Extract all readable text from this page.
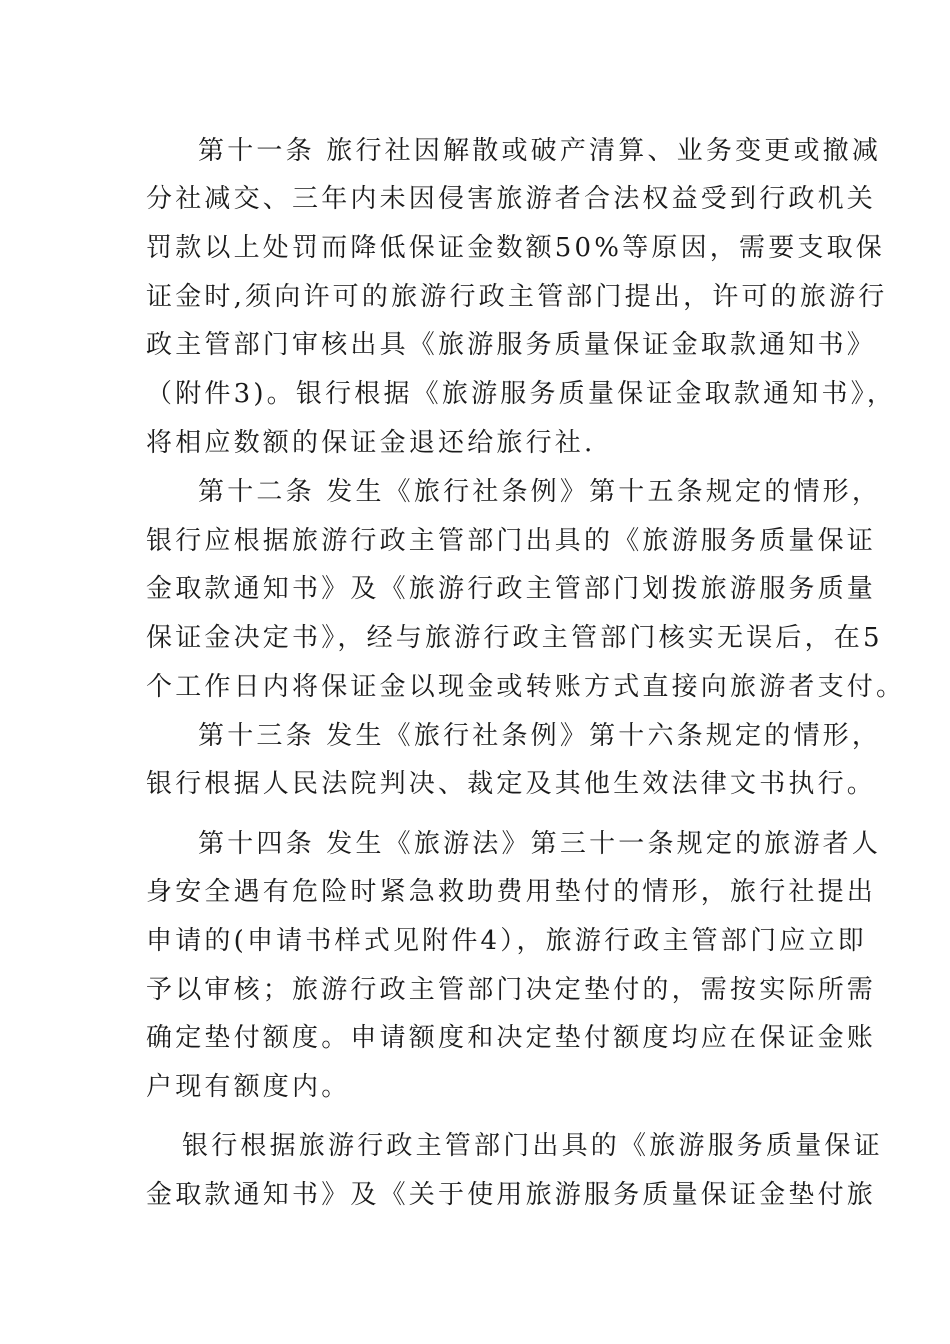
第十一条 旅行社因解散或破产清算、业务变更或撤减
分社减交、三年内未因侵害旅游者合法权益受到行政机关
罚款以上处罚而降低保证金数额50%等原因，需要支取保
证金时,须向许可的旅游行政主管部门提出，许可的旅游行
政主管部门审核出具《旅游服务质量保证金取款通知书》
（附件3)。银行根据《旅游服务质量保证金取款通知书》，
将相应数额的保证金退还给旅行社.
第十二条 发生《旅行社条例》第十五条规定的情形，
银行应根据旅游行政主管部门出具的《旅游服务质量保证
金取款通知书》及《旅游行政主管部门划拨旅游服务质量
保证金决定书》，经与旅游行政主管部门核实无误后，在5
个工作日内将保证金以现金或转账方式直接向旅游者支付。
第十三条 发生《旅行社条例》第十六条规定的情形，
银行根据人民法院判决、裁定及其他生效法律文书执行。
第十四条 发生《旅游法》第三十一条规定的旅游者人
身安全遇有危险时紧急救助费用垫付的情形，旅行社提出
申请的(申请书样式见附件4），旅游行政主管部门应立即
予以审核；旅游行政主管部门决定垫付的，需按实际所需
确定垫付额度。申请额度和决定垫付额度均应在保证金账
户现有额度内。
银行根据旅游行政主管部门出具的《旅游服务质量保证
金取款通知书》及《关于使用旅游服务质量保证金垫付旅
